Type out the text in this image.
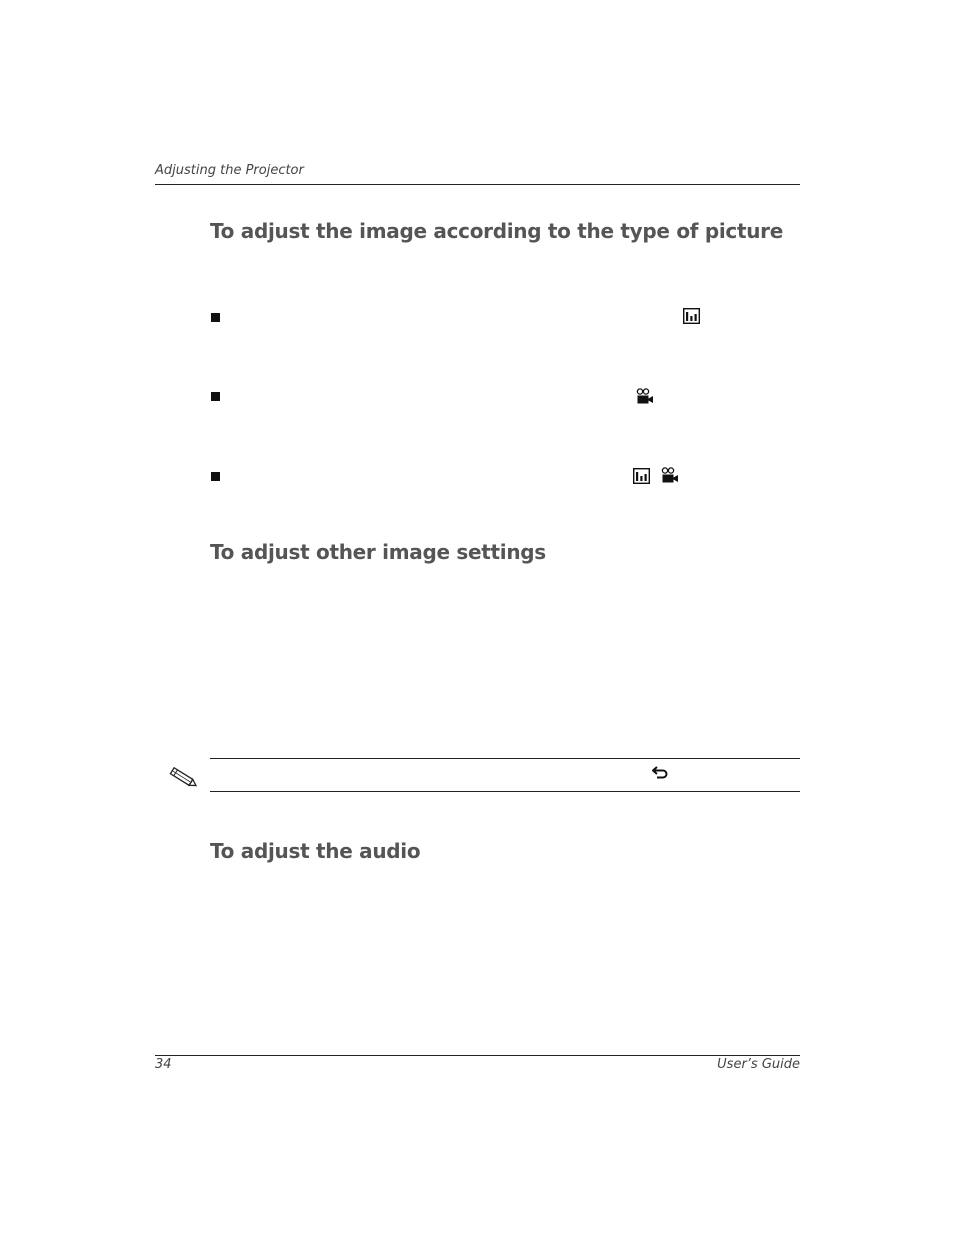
Adjusting the Projector
To adjust the image according to the type of picture
To adjust other image settings
To adjust the audio
34	User’s Guide
